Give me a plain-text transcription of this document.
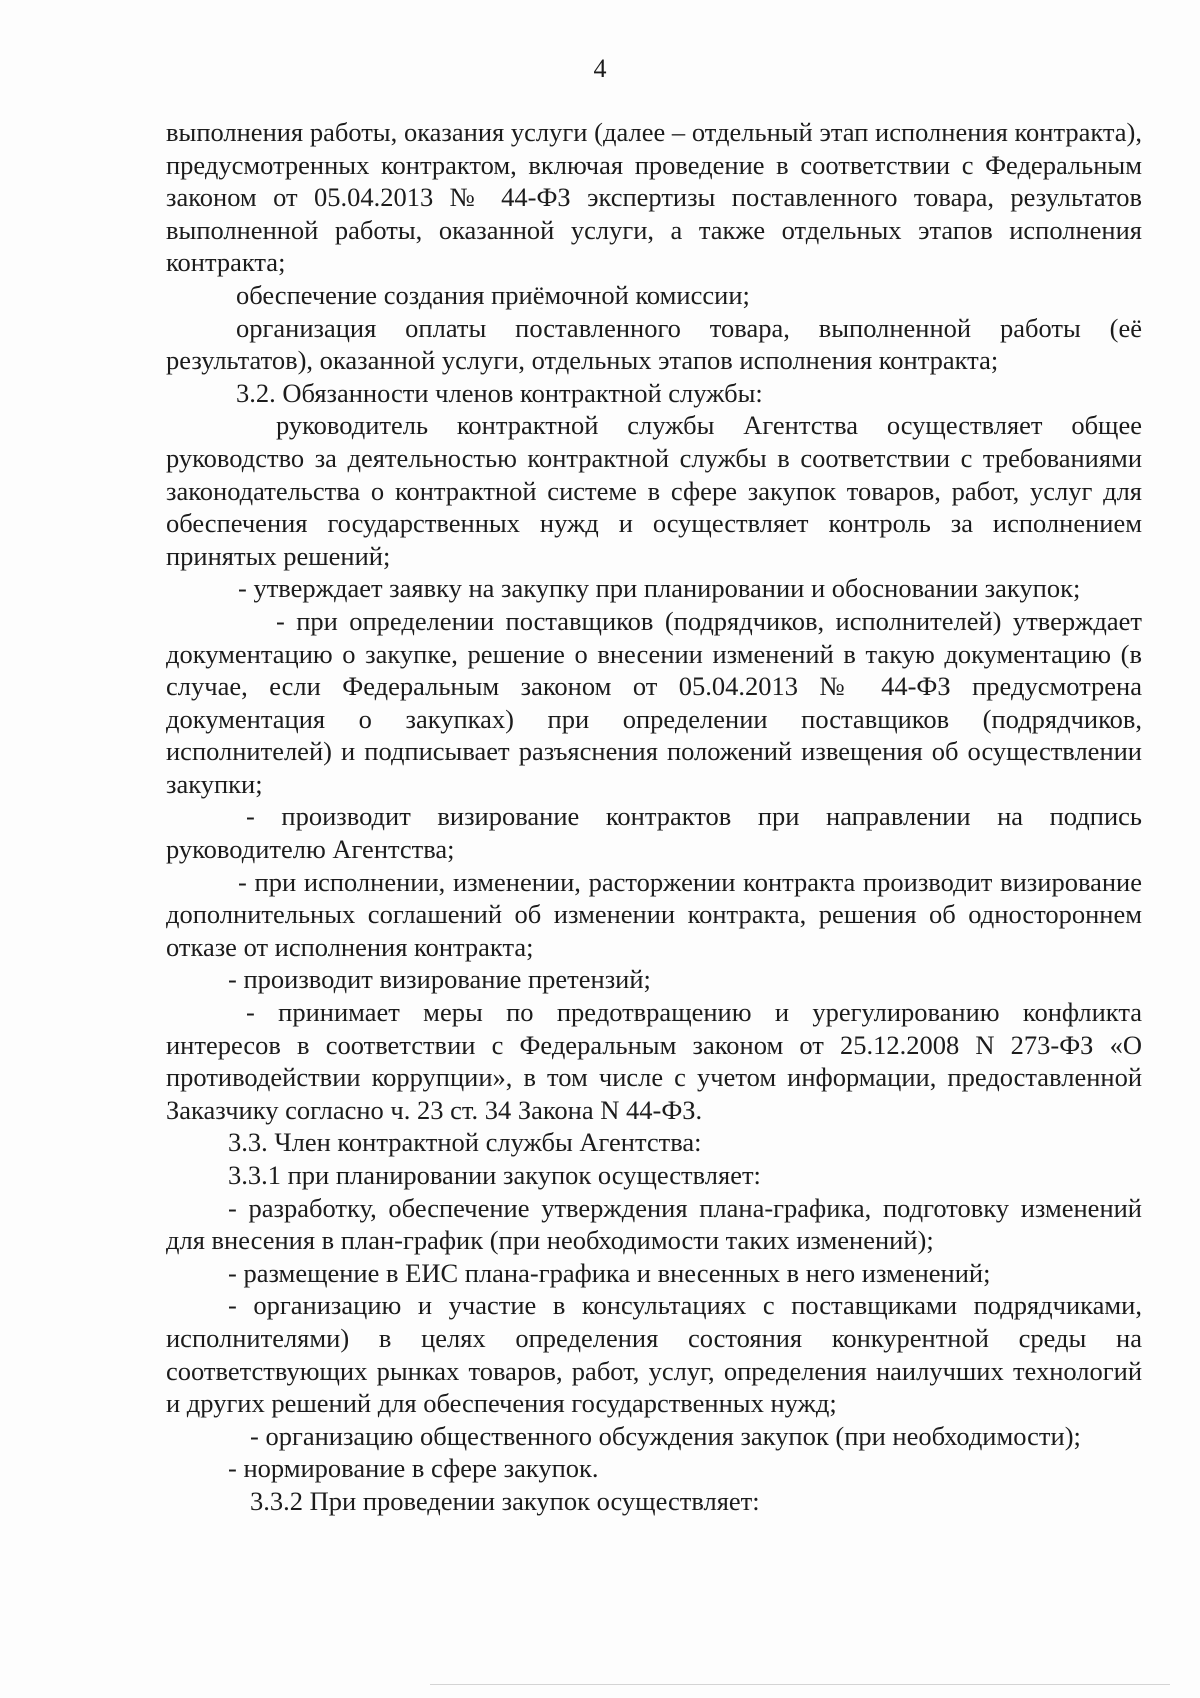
4

выполнения работы, оказания услуги (далее – отдельный этап исполнения контракта), предусмотренных контрактом, включая проведение в соответствии с Федеральным законом от 05.04.2013 № 44-ФЗ экспертизы поставленного товара, результатов выполненной работы, оказанной услуги, а также отдельных этапов исполнения контракта;

обеспечение создания приёмочной комиссии;

организация оплаты поставленного товара, выполненной работы (её результатов), оказанной услуги, отдельных этапов исполнения контракта;

3.2. Обязанности членов контрактной службы:

руководитель контрактной службы Агентства осуществляет общее руководство за деятельностью контрактной службы в соответствии с требованиями законодательства о контрактной системе в сфере закупок товаров, работ, услуг для обеспечения государственных нужд и осуществляет контроль за исполнением принятых решений;

- утверждает заявку на закупку при планировании и обосновании закупок;

- при определении поставщиков (подрядчиков, исполнителей) утверждает документацию о закупке, решение о внесении изменений в такую документацию (в случае, если Федеральным законом от 05.04.2013 № 44-ФЗ предусмотрена документация о закупках) при определении поставщиков (подрядчиков, исполнителей) и подписывает разъяснения положений извещения об осуществлении закупки;

- производит визирование контрактов при направлении на подпись руководителю Агентства;

- при исполнении, изменении, расторжении контракта производит визирование дополнительных соглашений об изменении контракта, решения об одностороннем отказе от исполнения контракта;

- производит визирование претензий;

- принимает меры по предотвращению и урегулированию конфликта интересов в соответствии с Федеральным законом от 25.12.2008 N 273-ФЗ «О противодействии коррупции», в том числе с учетом информации, предоставленной Заказчику согласно ч. 23 ст. 34 Закона N 44-ФЗ.

3.3. Член контрактной службы Агентства:

3.3.1 при планировании закупок осуществляет:

- разработку, обеспечение утверждения плана-графика, подготовку изменений для внесения в план-график (при необходимости таких изменений);

- размещение в ЕИС плана-графика и внесенных в него изменений;

- организацию и участие в консультациях с поставщиками подрядчиками, исполнителями) в целях определения состояния конкурентной среды на соответствующих рынках товаров, работ, услуг, определения наилучших технологий и других решений для обеспечения государственных нужд;

- организацию общественного обсуждения закупок (при необходимости);

- нормирование в сфере закупок.

3.3.2 При проведении закупок осуществляет:
